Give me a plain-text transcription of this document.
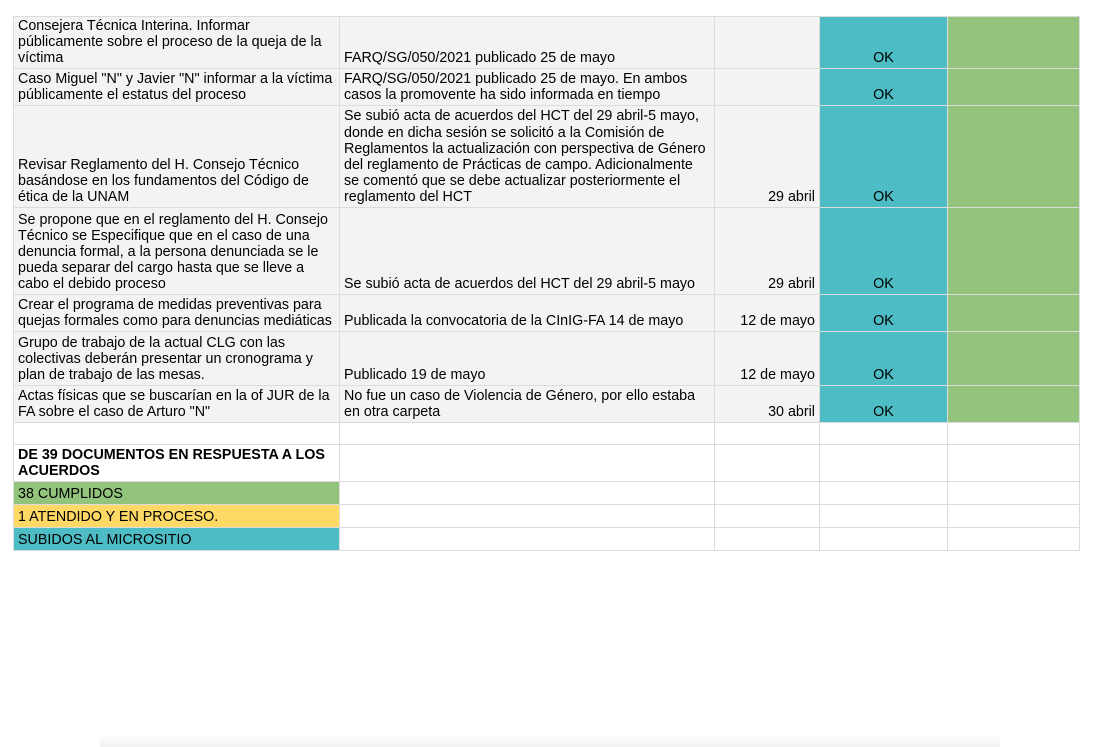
Consejera Técnica Interina. Informar públicamente sobre el proceso de la queja de la víctima	FARQ/SG/050/2021 publicado 25 de mayo		OK	
Caso Miguel "N" y Javier "N" informar a la víctima públicamente el estatus del proceso	FARQ/SG/050/2021 publicado 25 de mayo. En ambos casos la promovente ha sido informada en tiempo		OK	
Revisar Reglamento del H. Consejo Técnico basándose en los fundamentos del Código de ética de la UNAM	Se subió acta de acuerdos del HCT del 29 abril-5 mayo, donde en dicha sesión se solicitó a la Comisión de Reglamentos la actualización con perspectiva de Género del reglamento de Prácticas de campo. Adicionalmente se comentó que se debe actualizar posteriormente el reglamento del HCT	29 abril	OK	
Se propone que en el reglamento del H. Consejo Técnico se Especifique que en el caso de una denuncia formal, a la persona denunciada se le pueda separar del cargo hasta que se lleve a cabo el debido proceso	Se subió acta de acuerdos del HCT del 29 abril-5 mayo	29 abril	OK	
Crear el programa de medidas preventivas para quejas formales como para denuncias mediáticas	Publicada la convocatoria de la CInIG-FA 14 de mayo	12 de mayo	OK	
Grupo de trabajo de la actual CLG con las colectivas deberán presentar un cronograma y plan de trabajo de las mesas.	Publicado 19 de mayo	12 de mayo	OK	
Actas físicas que se buscarían en la of JUR de la FA sobre el caso de Arturo "N"	No fue un caso de Violencia de Género, por ello estaba en otra carpeta	30 abril	OK	

DE 39 DOCUMENTOS EN RESPUESTA A LOS ACUERDOS				
38 CUMPLIDOS				
1 ATENDIDO Y EN PROCESO.				
SUBIDOS AL MICROSITIO				
